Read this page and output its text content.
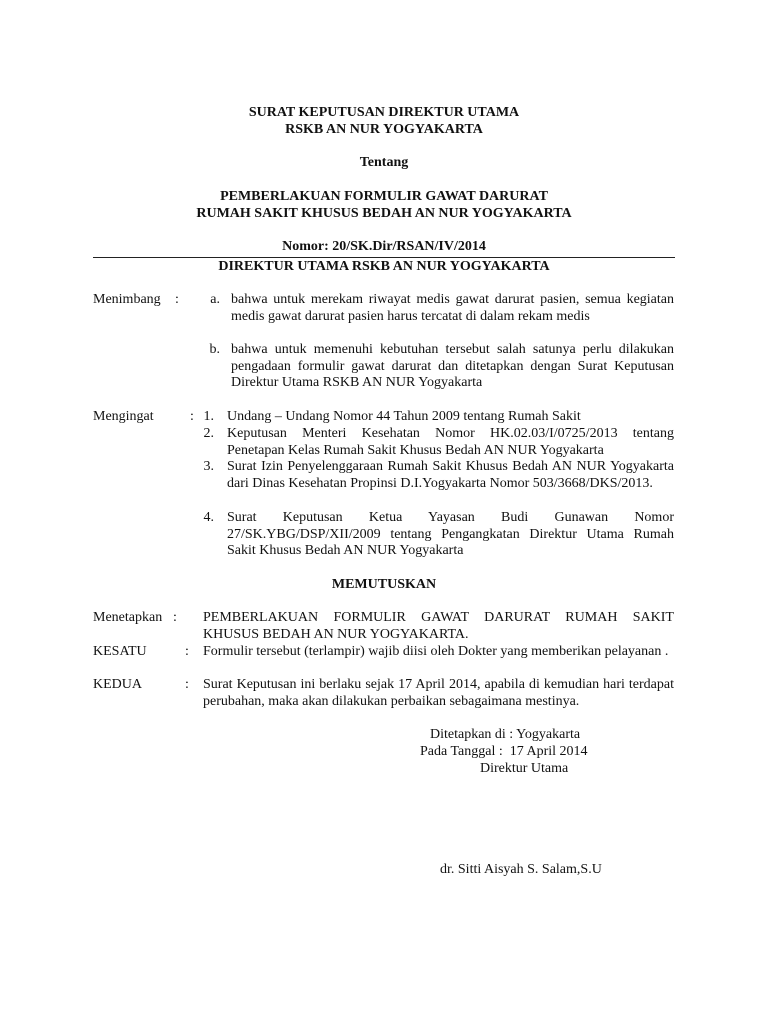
SURAT KEPUTUSAN DIREKTUR UTAMA
RSKB AN NUR YOGYAKARTA
Tentang
PEMBERLAKUAN FORMULIR GAWAT DARURAT
RUMAH SAKIT KHUSUS BEDAH AN NUR YOGYAKARTA
Nomor: 20/SK.Dir/RSAN/IV/2014
DIREKTUR UTAMA RSKB AN NUR YOGYAKARTA
Menimbang :	a. bahwa untuk merekam riwayat medis gawat darurat pasien, semua kegiatan medis gawat darurat pasien harus tercatat di dalam rekam medis
b. bahwa untuk memenuhi kebutuhan tersebut salah satunya perlu dilakukan pengadaan formulir gawat darurat dan ditetapkan dengan Surat Keputusan Direktur Utama RSKB AN NUR Yogyakarta
Mengingat	: 1. Undang – Undang Nomor 44 Tahun 2009 tentang Rumah Sakit
2. Keputusan Menteri Kesehatan Nomor HK.02.03/I/0725/2013 tentang Penetapan Kelas Rumah Sakit Khusus Bedah AN NUR Yogyakarta
3. Surat Izin Penyelenggaraan Rumah Sakit Khusus Bedah AN NUR Yogyakarta dari Dinas Kesehatan Propinsi D.I.Yogyakarta Nomor 503/3668/DKS/2013.
4. Surat Keputusan Ketua Yayasan Budi Gunawan Nomor 27/SK.YBG/DSP/XII/2009 tentang Pengangkatan Direktur Utama Rumah Sakit Khusus Bedah AN NUR Yogyakarta
MEMUTUSKAN
Menetapkan : PEMBERLAKUAN FORMULIR GAWAT DARURAT RUMAH SAKIT KHUSUS BEDAH AN NUR YOGYAKARTA.
KESATU	: Formulir tersebut (terlampir) wajib diisi oleh Dokter yang memberikan pelayanan .
KEDUA	: Surat Keputusan ini berlaku sejak 17 April 2014, apabila di kemudian hari terdapat perubahan, maka akan dilakukan perbaikan sebagaimana mestinya.
Ditetapkan di : Yogyakarta
Pada Tanggal :  17 April 2014
Direktur Utama
dr. Sitti Aisyah S. Salam,S.U
